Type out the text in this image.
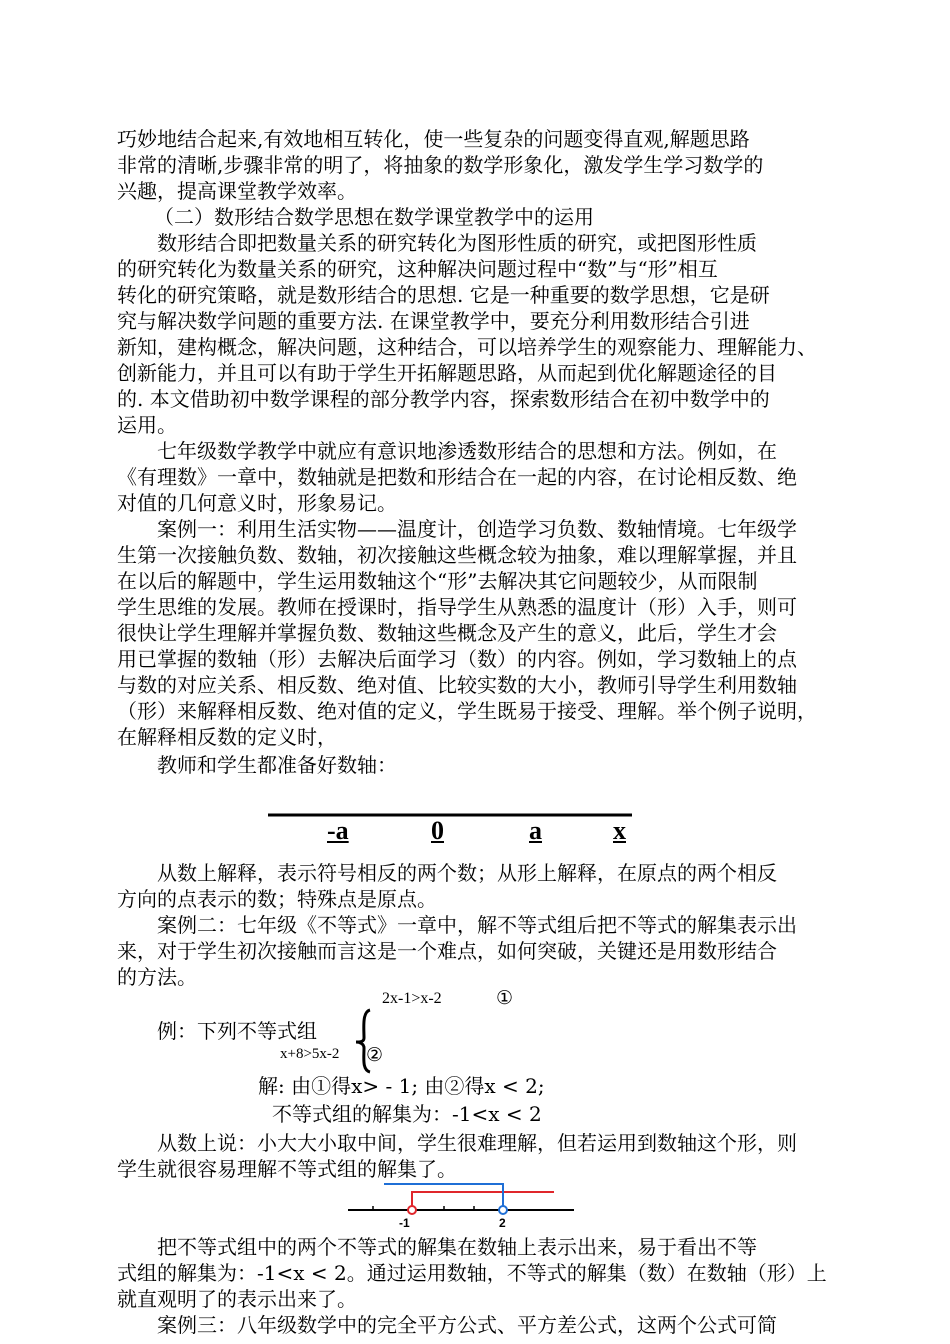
巧妙地结合起来,有效地相互转化，使一些复杂的问题变得直观,解题思路
非常的清晰,步骤非常的明了，将抽象的数学形象化，激发学生学习数学的
兴趣，提高课堂教学效率。
（二）数形结合数学思想在数学课堂教学中的运用
数形结合即把数量关系的研究转化为图形性质的研究，或把图形性质
的研究转化为数量关系的研究，这种解决问题过程中“数”与“形”相互
转化的研究策略，就是数形结合的思想. 它是一种重要的数学思想，它是研
究与解决数学问题的重要方法. 在课堂教学中，要充分利用数形结合引进
新知，建构概念，解决问题，这种结合，可以培养学生的观察能力、理解能力、
创新能力，并且可以有助于学生开拓解题思路，从而起到优化解题途径的目
的. 本文借助初中数学课程的部分教学内容，探索数形结合在初中数学中的
运用。
七年级数学教学中就应有意识地渗透数形结合的思想和方法。例如，在
《有理数》一章中，数轴就是把数和形结合在一起的内容，在讨论相反数、绝
对值的几何意义时，形象易记。
案例一：利用生活实物——温度计，创造学习负数、数轴情境。七年级学
生第一次接触负数、数轴，初次接触这些概念较为抽象，难以理解掌握，并且
在以后的解题中，学生运用数轴这个“形”去解决其它问题较少，从而限制
学生思维的发展。教师在授课时，指导学生从熟悉的温度计（形）入手，则可
很快让学生理解并掌握负数、数轴这些概念及产生的意义，此后，学生才会
用已掌握的数轴（形）去解决后面学习（数）的内容。例如，学习数轴上的点
与数的对应关系、相反数、绝对值、比较实数的大小，教师引导学生利用数轴
（形）来解释相反数、绝对值的定义，学生既易于接受、理解。举个例子说明，
在解释相反数的定义时，
教师和学生都准备好数轴：
-a	0	a	x
从数上解释，表示符号相反的两个数；从形上解释，在原点的两个相反
方向的点表示的数；特殊点是原点。
案例二：七年级《不等式》一章中，解不等式组后把不等式的解集表示出
来，对于学生初次接触而言这是一个难点，如何突破，关键还是用数形结合
的方法。
2x-1>x-2	①
例：下列不等式组
x+8>5x-2 ②
解: 由①得x> - 1; 由②得x < 2;
不等式组的解集为：-1<x < 2
从数上说：小大大小取中间，学生很难理解，但若运用到数轴这个形，则
学生就很容易理解不等式组的解集了。
-1	2
把不等式组中的两个不等式的解集在数轴上表示出来，易于看出不等
式组的解集为：-1<x < 2。通过运用数轴，不等式的解集（数）在数轴（形）上
就直观明了的表示出来了。
案例三：八年级数学中的完全平方公式、平方差公式，这两个公式可简
